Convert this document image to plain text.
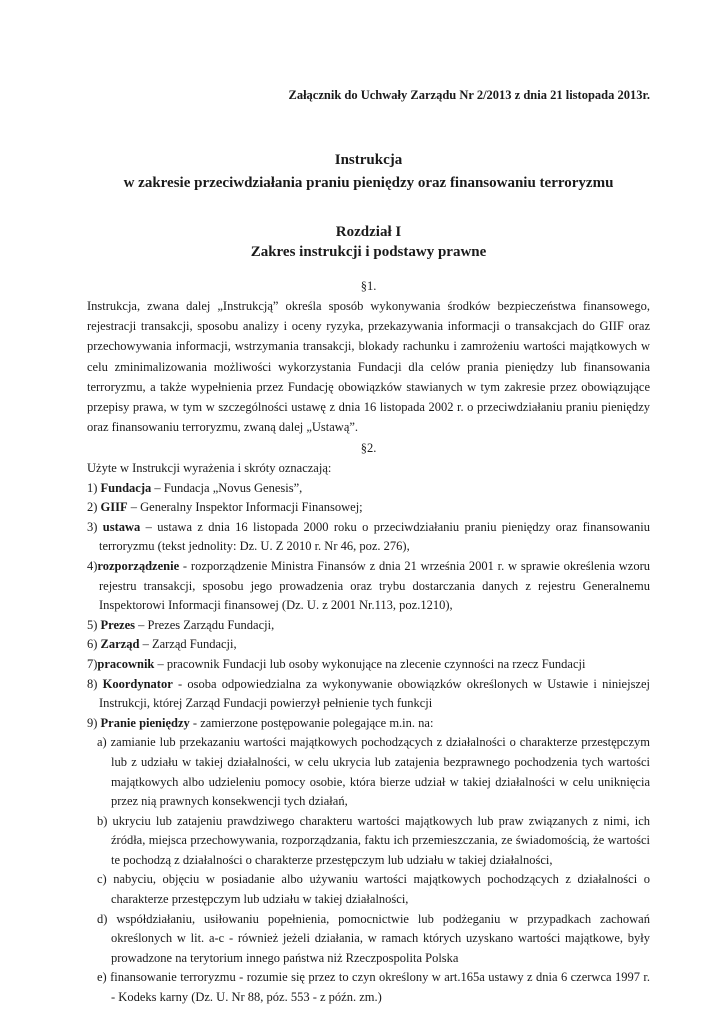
Załącznik do Uchwały Zarządu Nr 2/2013 z dnia 21 listopada 2013r.
Instrukcja
w zakresie przeciwdziałania praniu pieniędzy oraz finansowaniu terroryzmu
Rozdział I
Zakres instrukcji i podstawy prawne
§1.
Instrukcja, zwana dalej „Instrukcją” określa sposób wykonywania środków bezpieczeństwa finansowego, rejestracji transakcji, sposobu analizy i oceny ryzyka, przekazywania informacji o transakcjach do GIIF oraz przechowywania informacji, wstrzymania transakcji, blokady rachunku i zamrożeniu wartości majątkowych w celu zminimalizowania możliwości wykorzystania Fundacji dla celów prania pieniędzy lub finansowania terroryzmu, a także wypełnienia przez Fundację obowiązków stawianych w tym zakresie przez obowiązujące przepisy prawa, w tym w szczególności ustawę z dnia 16 listopada 2002 r. o przeciwdziałaniu praniu pieniędzy oraz finansowaniu terroryzmu, zwaną dalej „Ustawą”.
§2.

Użyte w Instrukcji wyrażenia i skróty oznaczają:

1) Fundacja – Fundacja „Novus Genesis”,

2) GIIF – Generalny Inspektor Informacji Finansowej;

3) ustawa – ustawa z dnia 16 listopada 2000 roku o przeciwdziałaniu praniu pieniędzy oraz finansowaniu terroryzmu (tekst jednolity: Dz. U. Z 2010 r. Nr 46, poz. 276),

4)rozporządzenie - rozporządzenie Ministra Finansów z dnia 21 września 2001 r. w sprawie określenia wzoru rejestru transakcji, sposobu jego prowadzenia oraz trybu dostarczania danych z rejestru Generalnemu Inspektorowi Informacji finansowej (Dz. U. z 2001 Nr.113, poz.1210),

5) Prezes – Prezes Zarządu Fundacji,

6) Zarząd – Zarząd Fundacji,

7)pracownik – pracownik Fundacji lub osoby wykonujące na zlecenie czynności na rzecz Fundacji

8) Koordynator - osoba odpowiedzialna za wykonywanie obowiązków określonych w Ustawie i niniejszej Instrukcji, której Zarząd Fundacji powierzył pełnienie tych funkcji

9) Pranie pieniędzy - zamierzone postępowanie polegające m.in. na:

a) zamianie lub przekazaniu wartości majątkowych pochodzących z działalności o charakterze przestępczym lub z udziału w takiej działalności, w celu ukrycia lub zatajenia bezprawnego pochodzenia tych wartości majątkowych albo udzieleniu pomocy osobie, która bierze udział w takiej działalności w celu uniknięcia przez nią prawnych konsekwencji tych działań,

b) ukryciu lub zatajeniu prawdziwego charakteru wartości majątkowych lub praw związanych z nimi, ich źródła, miejsca przechowywania, rozporządzania, faktu ich przemieszczania, ze świadomością, że wartości te pochodzą z działalności o charakterze przestępczym lub udziału w takiej działalności,

c) nabyciu, objęciu w posiadanie albo używaniu wartości majątkowych pochodzących z działalności o charakterze przestępczym lub udziału w takiej działalności,

d) współdziałaniu, usiłowaniu popełnienia, pomocnictwie lub podżeganiu w przypadkach zachowań określonych w lit. a-c - również jeżeli działania, w ramach których uzyskano wartości majątkowe, były prowadzone na terytorium innego państwa niż Rzeczpospolita Polska

e) finansowanie terroryzmu - rozumie się przez to czyn określony w art.165a ustawy z dnia 6 czerwca 1997 r. - Kodeks karny (Dz. U. Nr 88, póz. 553 - z późn. zm.)
